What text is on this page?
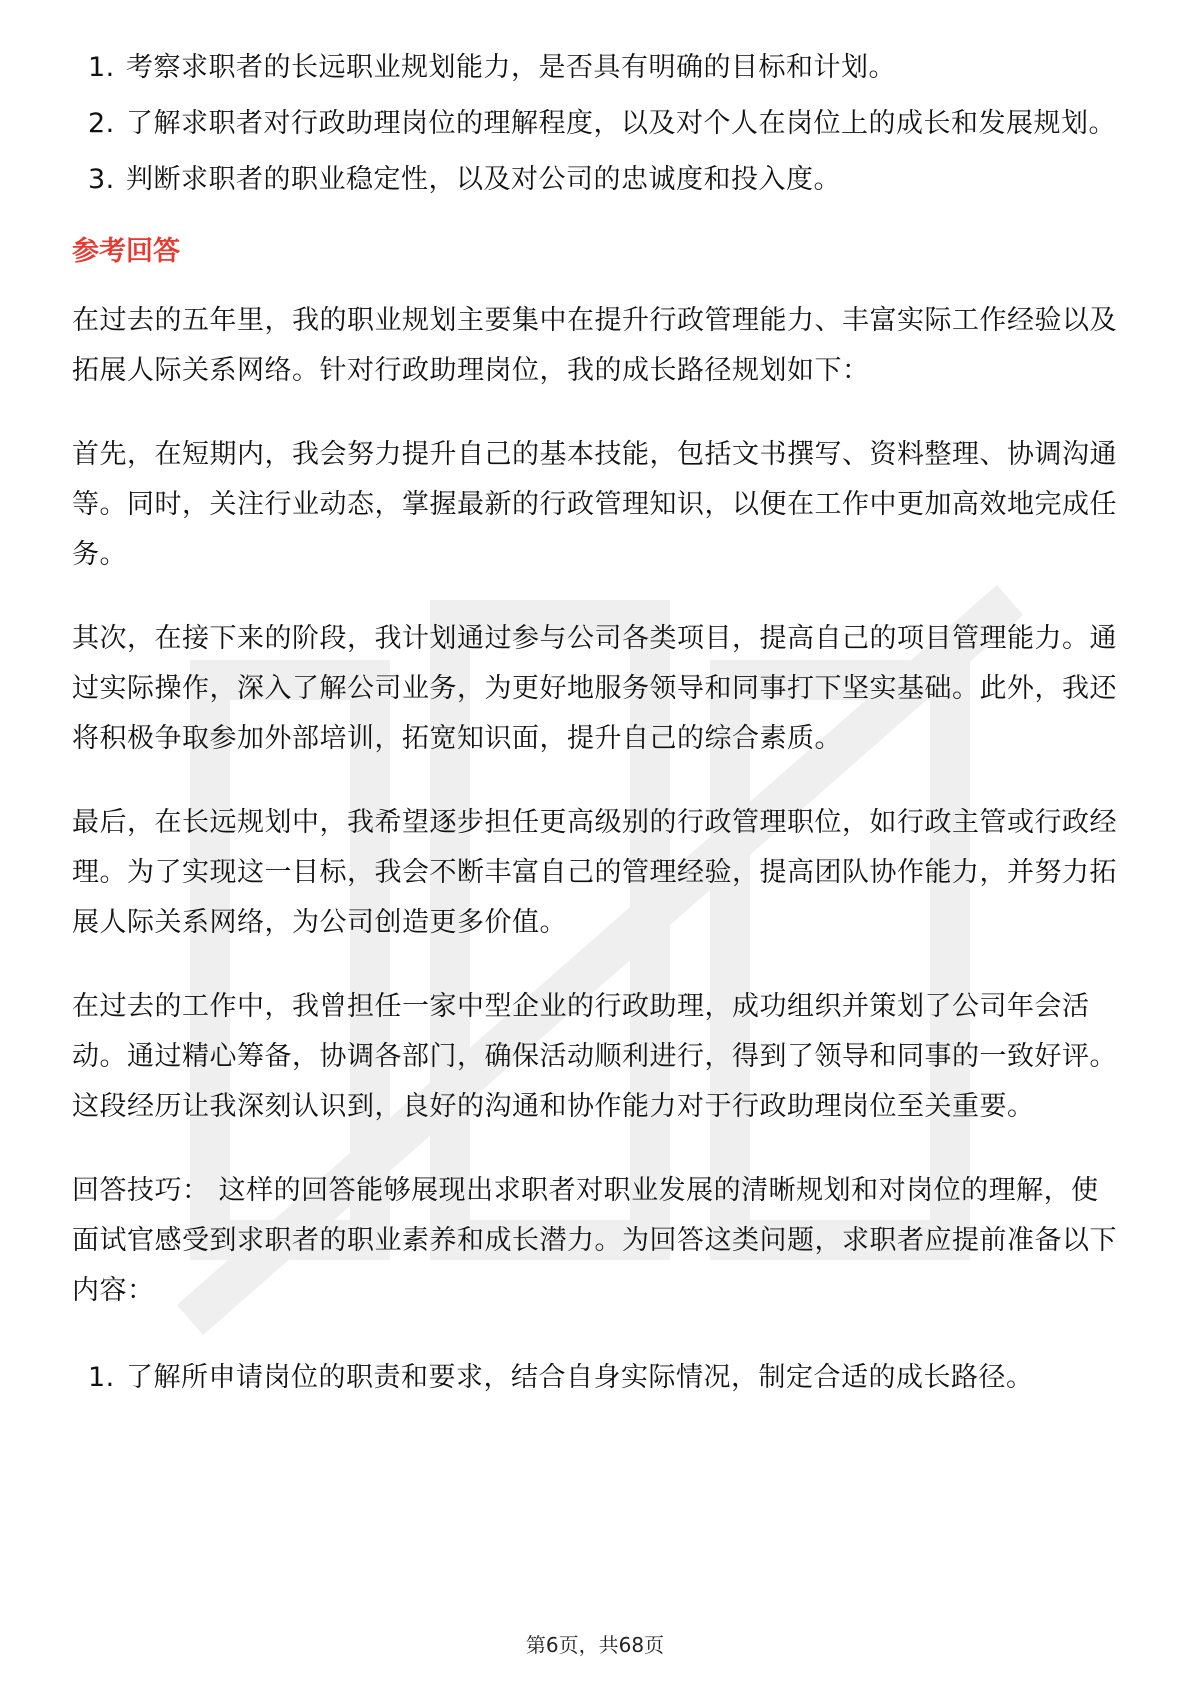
1. 考察求职者的长远职业规划能力，是否具有明确的目标和计划。
2. 了解求职者对行政助理岗位的理解程度，以及对个人在岗位上的成长和发展规划。
3. 判断求职者的职业稳定性，以及对公司的忠诚度和投入度。
参考回答

在过去的五年里，我的职业规划主要集中在提升行政管理能力、丰富实际工作经验以及拓展人际关系网络。针对行政助理岗位，我的成长路径规划如下：

首先，在短期内，我会努力提升自己的基本技能，包括文书撰写、资料整理、协调沟通等。同时，关注行业动态，掌握最新的行政管理知识，以便在工作中更加高效地完成任务。

其次，在接下来的阶段，我计划通过参与公司各类项目，提高自己的项目管理能力。通过实际操作，深入了解公司业务，为更好地服务领导和同事打下坚实基础。此外，我还将积极争取参加外部培训，拓宽知识面，提升自己的综合素质。

最后，在长远规划中，我希望逐步担任更高级别的行政管理职位，如行政主管或行政经理。为了实现这一目标，我会不断丰富自己的管理经验，提高团队协作能力，并努力拓展人际关系网络，为公司创造更多价值。

在过去的工作中，我曾担任一家中型企业的行政助理，成功组织并策划了公司年会活动。通过精心筹备，协调各部门，确保活动顺利进行，得到了领导和同事的一致好评。这段经历让我深刻认识到，良好的沟通和协作能力对于行政助理岗位至关重要。

回答技巧： 这样的回答能够展现出求职者对职业发展的清晰规划和对岗位的理解，使面试官感受到求职者的职业素养和成长潜力。为回答这类问题，求职者应提前准备以下内容：

1. 了解所申请岗位的职责和要求，结合自身实际情况，制定合适的成长路径。
第6页，共68页
